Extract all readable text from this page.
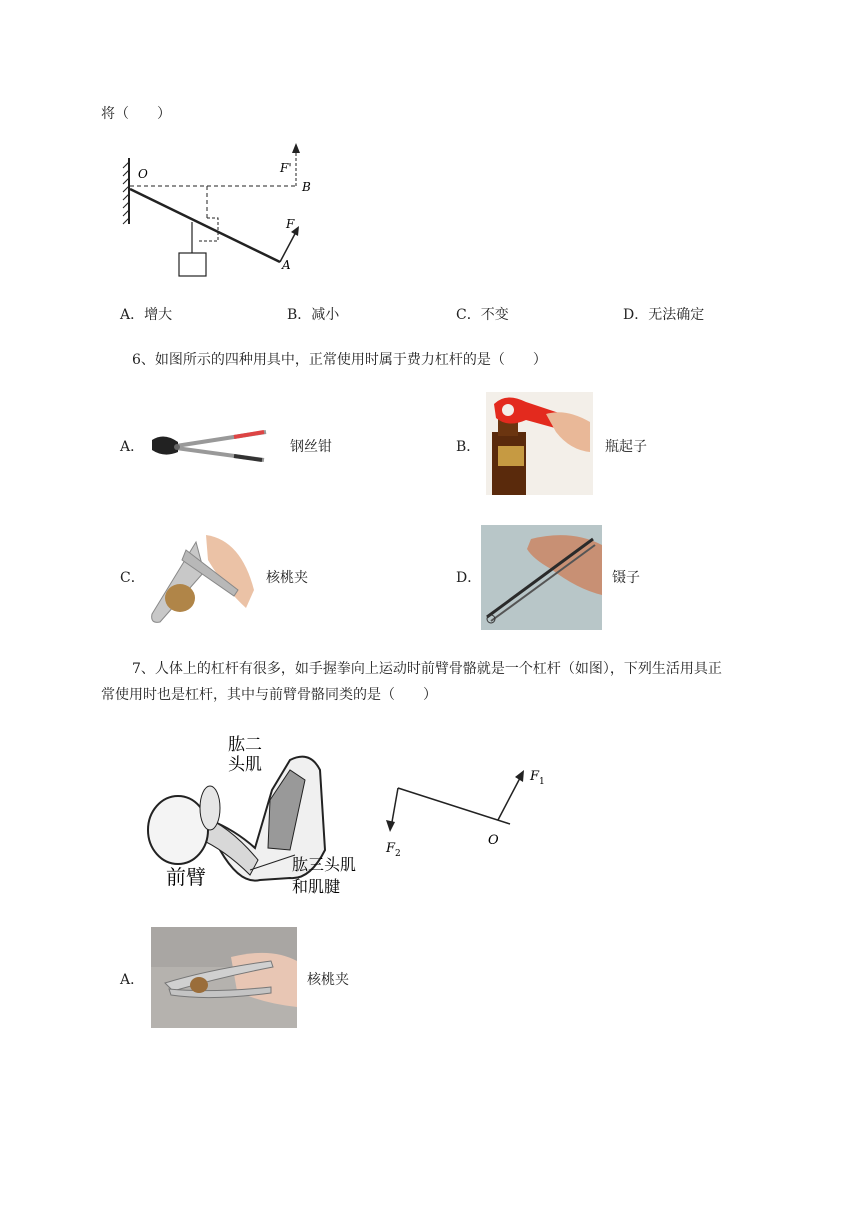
将（　　）
O
B
A
F
F'
A．增大	B．减小	C．不变	D．无法确定
6、如图所示的四种用具中，正常使用时属于费力杠杆的是（　　）
A．	钢丝钳	B．	瓶起子
C．	核桃夹	D．	镊子
7、人体上的杠杆有很多，如手握拳向上运动时前臂骨骼就是一个杠杆（如图），下列生活用具正
常使用时也是杠杆，其中与前臂骨骼同类的是（　　）
肱二
头肌
前臂
肱三头肌
和肌腱
$F_1$
$F_2$
O
A．	核桃夹
